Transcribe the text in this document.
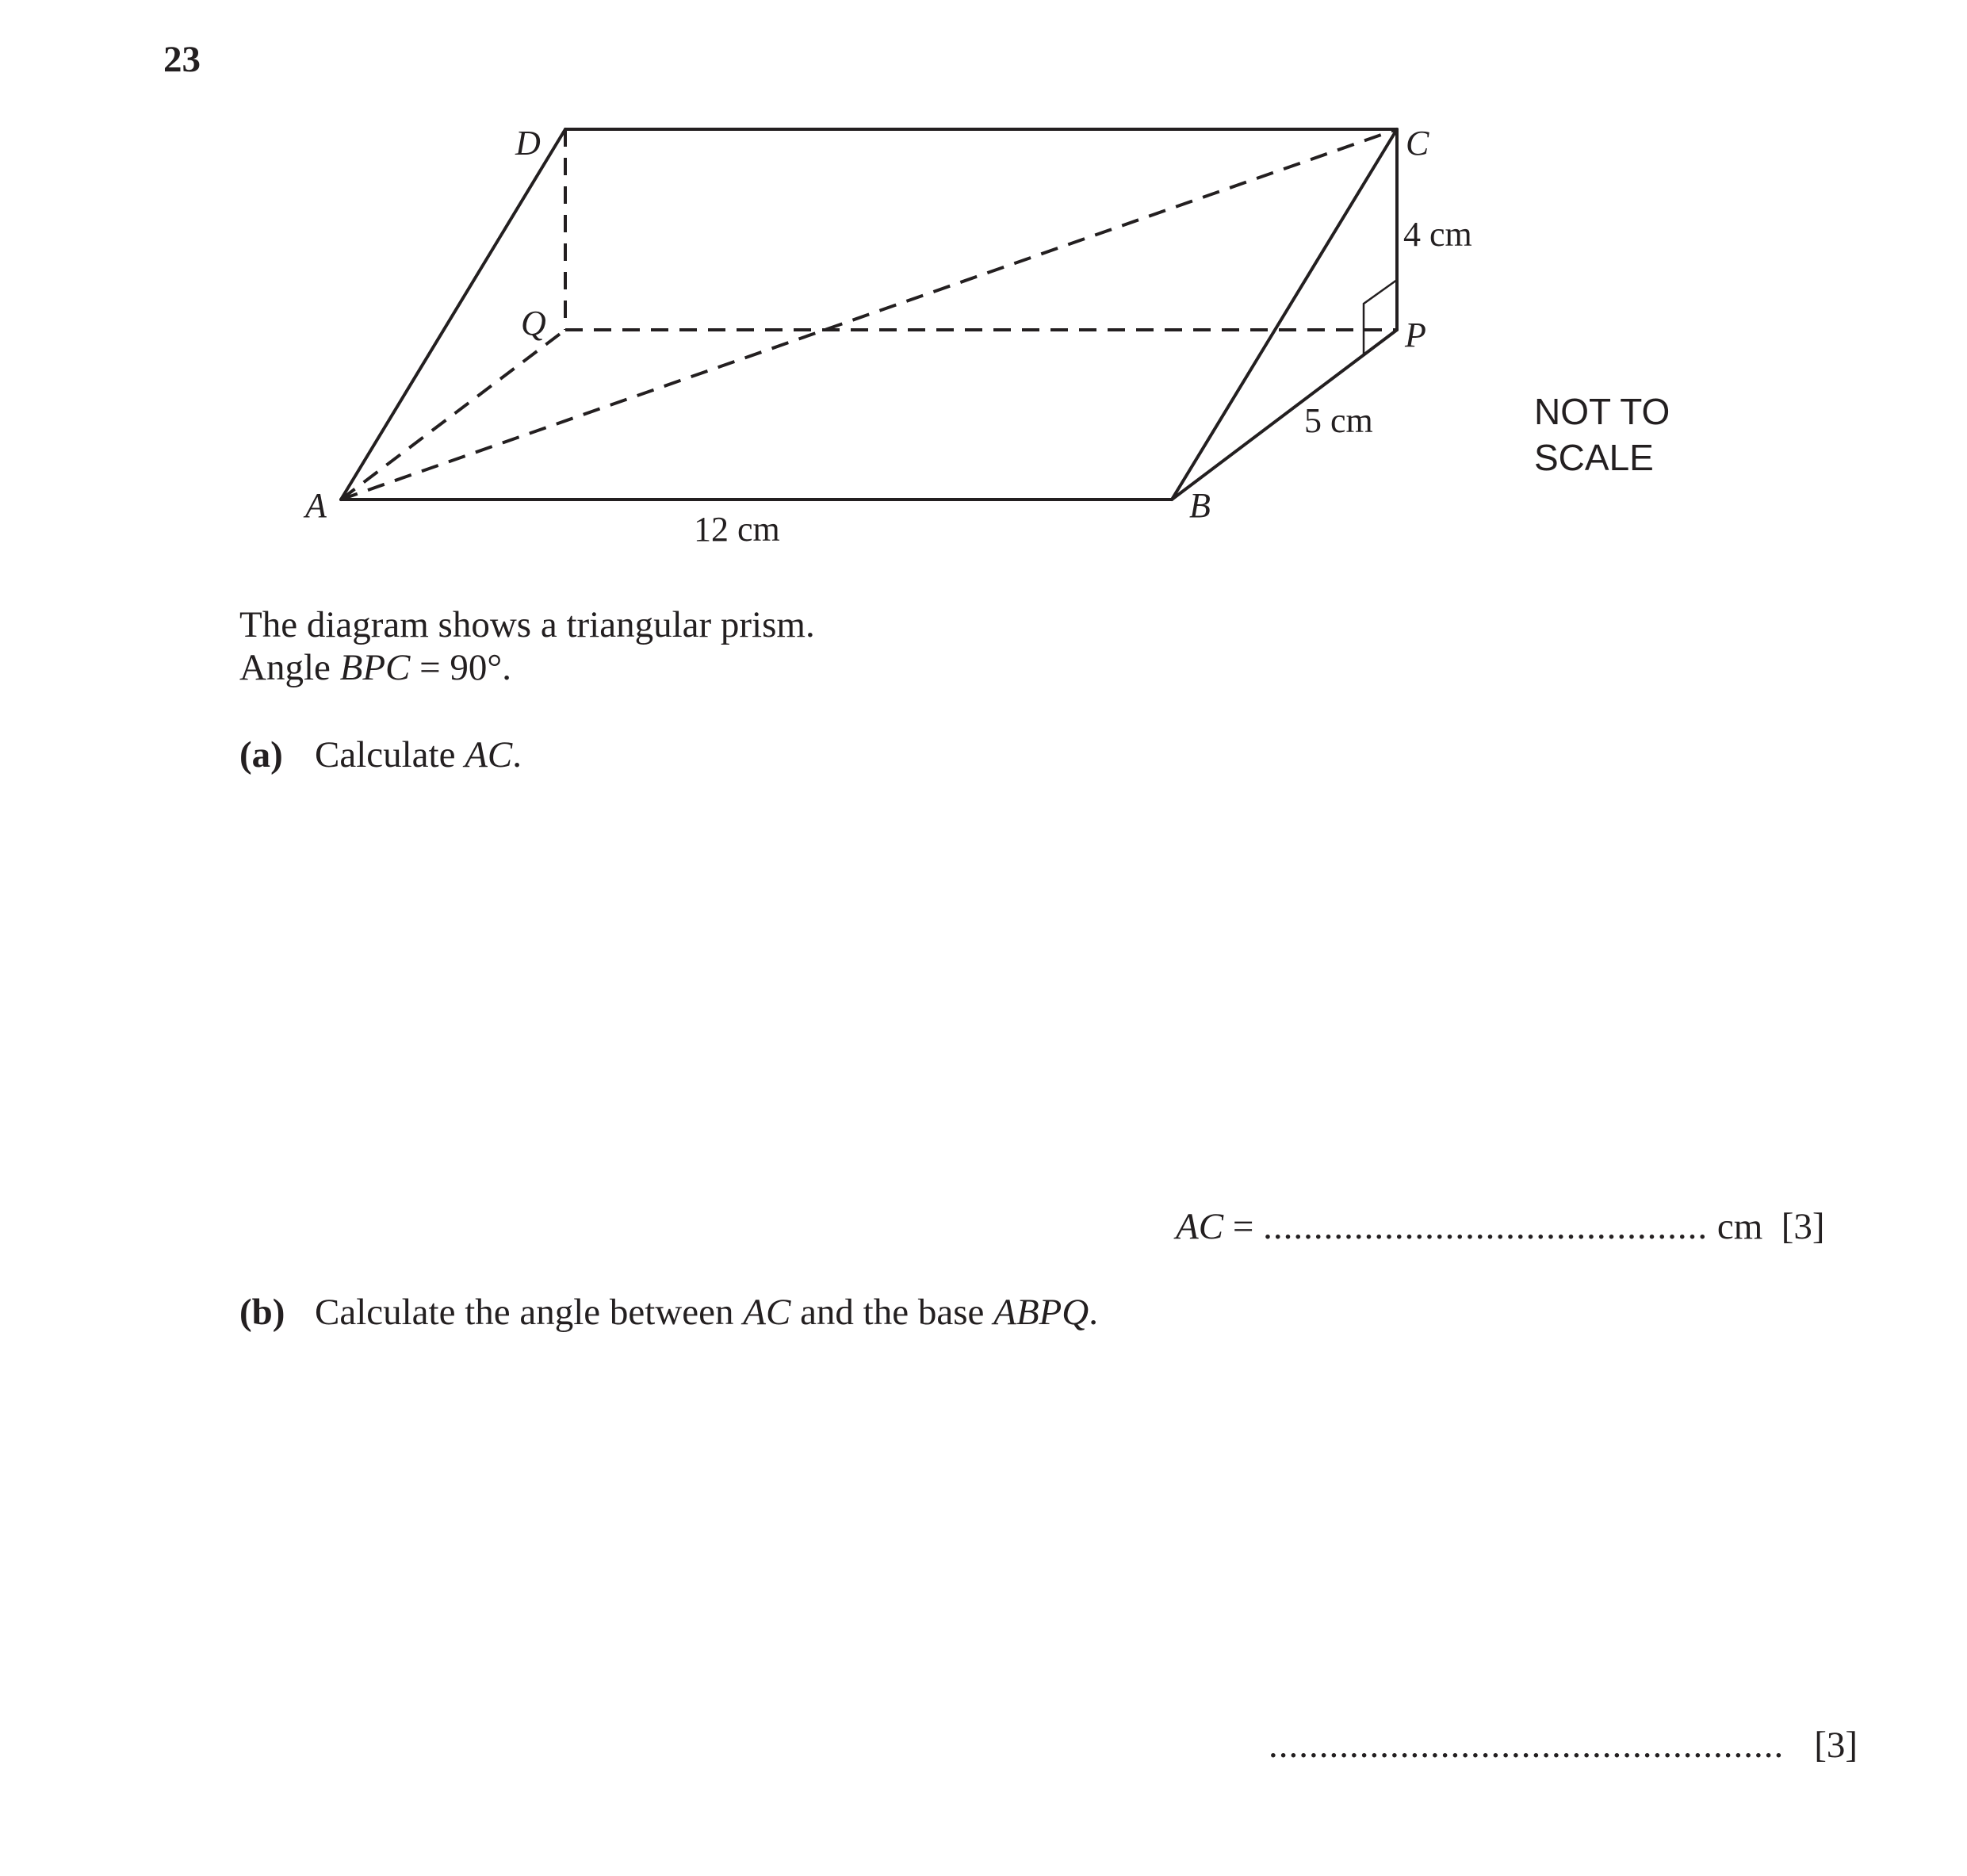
23
D	C
Q	P
A	B
12 cm
5 cm
4 cm
NOT TO
SCALE
The diagram shows a triangular prism.
Angle BPC = 90°.
(a) Calculate AC.
AC = ............................................ cm  [3]
(b) Calculate the angle between AC and the base ABPQ.
................................................... [3]
